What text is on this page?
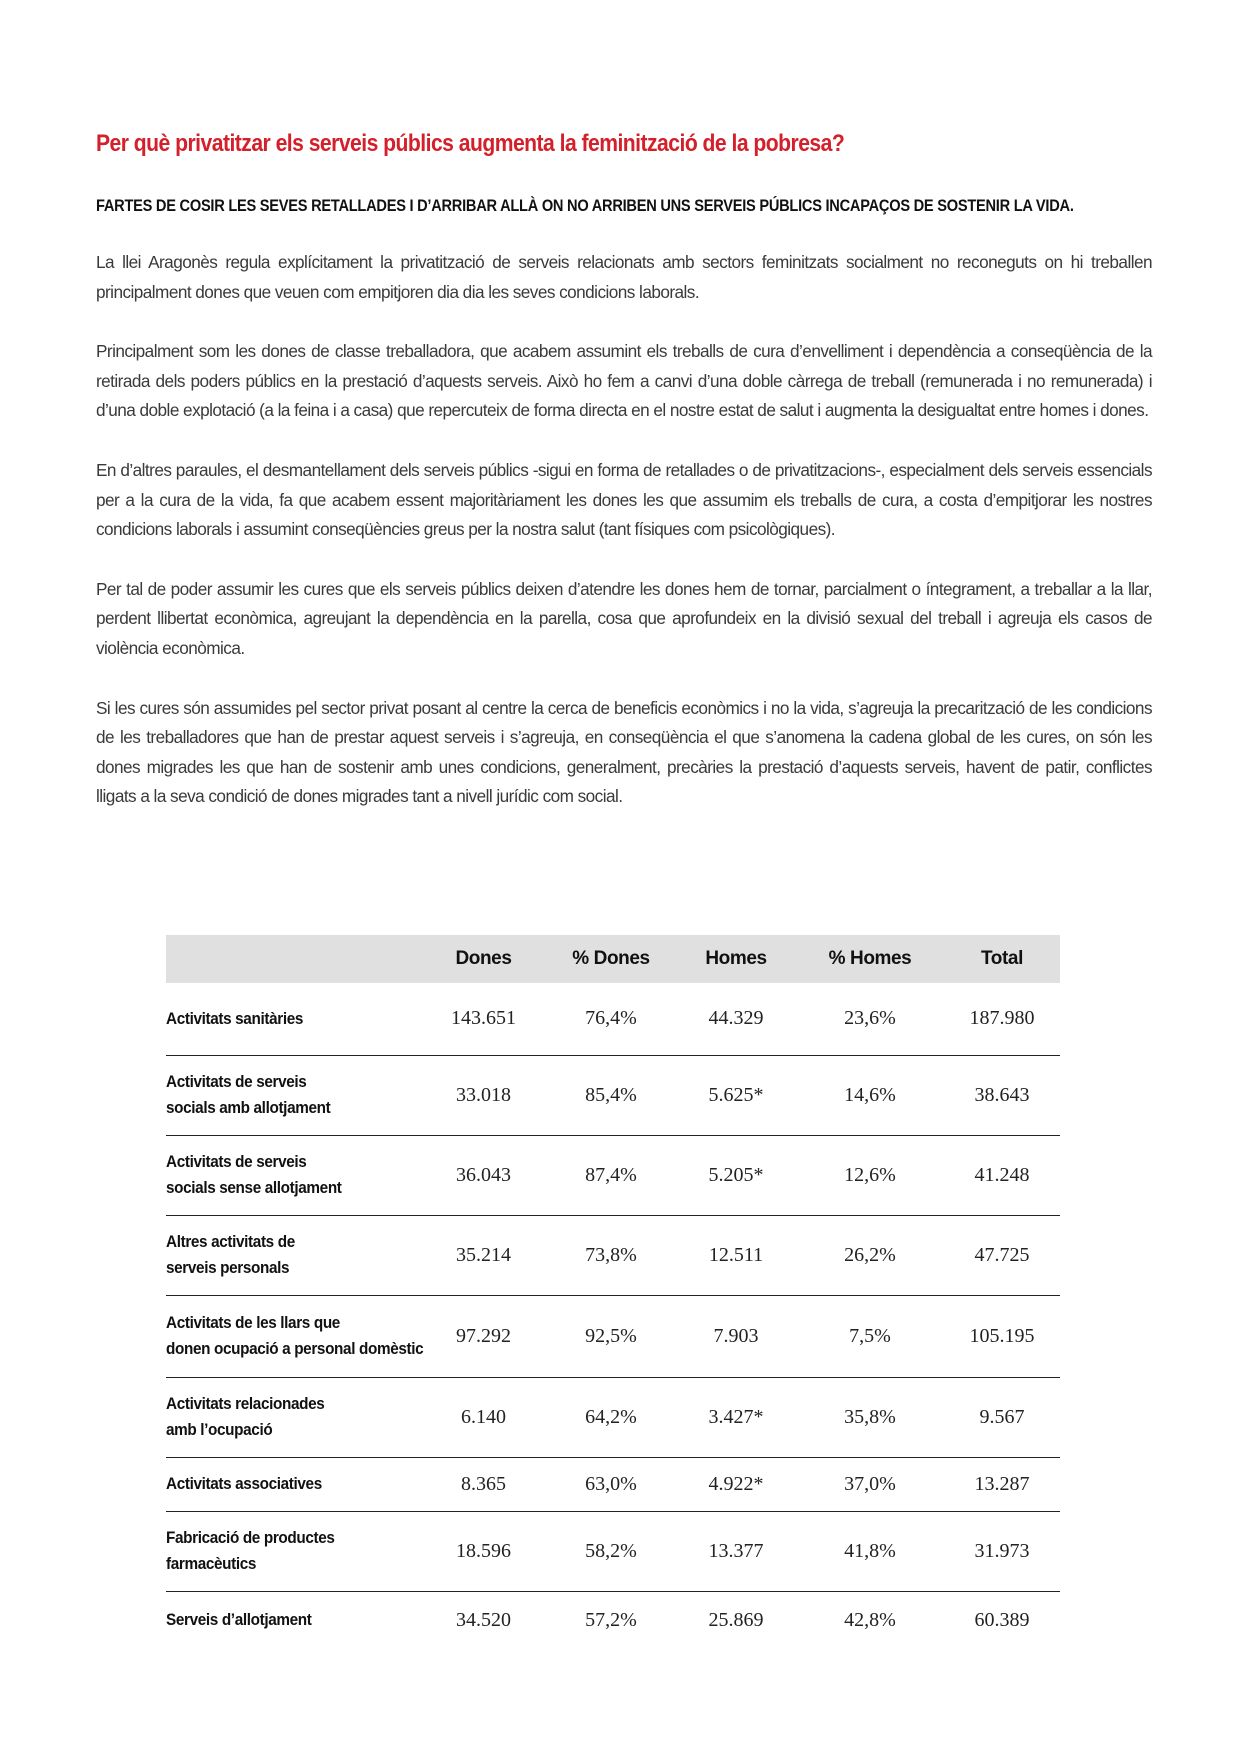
Per què privatitzar els serveis públics augmenta la feminització de la pobresa?
FARTES DE COSIR LES SEVES RETALLADES I D’ARRIBAR ALLÀ ON NO ARRIBEN UNS SERVEIS PÚBLICS INCAPAÇOS DE SOSTENIR LA VIDA.

La llei Aragonès regula explícitament la privatització de serveis relacionats amb sectors feminitzats socialment no reconeguts on hi treballen principalment dones que veuen com empitjoren dia dia les seves condicions laborals.

Principalment som les dones de classe treballadora, que acabem assumint els treballs de cura d’envelliment i dependència a conseqüència de la retirada dels poders públics en la prestació d’aquests serveis. Això ho fem a canvi d’una doble càrrega de treball (remunerada i no remunerada) i d’una doble explotació (a la feina i a casa) que repercuteix de forma directa en el nostre estat de salut i augmenta la desigualtat entre homes i dones.

En d’altres paraules, el desmantellament dels serveis públics -sigui en forma de retallades o de privatitzacions-, especialment dels serveis essencials per a la cura de la vida, fa que acabem essent majoritàriament les dones les que assumim els treballs de cura, a costa d’empitjorar les nostres condicions laborals i assumint conseqüències greus per la nostra salut (tant físiques com psicològiques).

Per tal de poder assumir les cures que els serveis públics deixen d’atendre les dones hem de tornar, parcialment o íntegrament, a treballar a la llar, perdent llibertat econòmica, agreujant la dependència en la parella, cosa que aprofundeix en la divisió sexual del treball i agreuja els casos de violència econòmica.

Si les cures són assumides pel sector privat posant al centre la cerca de beneficis econòmics i no la vida, s’agreuja la precarització de les condicions de les treballadores que han de prestar aquest serveis i s’agreuja, en conseqüència el que s’anomena la cadena global de les cures, on són les dones migrades les que han de sostenir amb unes condicions, generalment, precàries la prestació d’aquests serveis, havent de patir, conflictes lligats a la seva condició de dones migrades tant a nivell jurídic com social.

	Dones	% Dones	Homes	% Homes	Total

Activitats sanitàries	143.651	76,4%	44.329	23,6%	187.980

Activitats de serveis
socials amb allotjament	33.018	85,4%	5.625*	14,6%	38.643

Activitats de serveis
socials sense allotjament	36.043	87,4%	5.205*	12,6%	41.248

Altres activitats de
serveis personals	35.214	73,8%	12.511	26,2%	47.725

Activitats de les llars que
donen ocupació a personal domèstic	97.292	92,5%	7.903	7,5%	105.195

Activitats relacionades
amb l’ocupació	6.140	64,2%	3.427*	35,8%	9.567

Activitats associatives	8.365	63,0%	4.922*	37,0%	13.287

Fabricació de productes
farmacèutics	18.596	58,2%	13.377	41,8%	31.973

Serveis d’allotjament	34.520	57,2%	25.869	42,8%	60.389
